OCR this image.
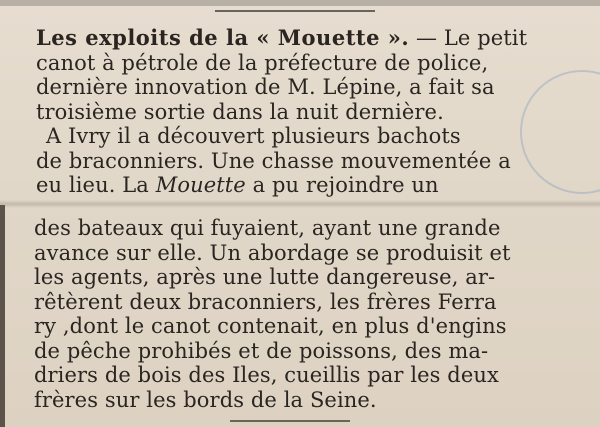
Les exploits de la « Mouette ». — Le petit
canot à pétrole de la préfecture de police,
dernière innovation de M. Lépine, a fait sa
troisième sortie dans la nuit dernière.
A Ivry il a découvert plusieurs bachots
de braconniers. Une chasse mouvementée a
eu lieu. La Mouette a pu rejoindre un
des bateaux qui fuyaient, ayant une grande
avance sur elle. Un abordage se produisit et
les agents, après une lutte dangereuse, ar-
rêtèrent deux braconniers, les frères Ferra
ry ,dont le canot contenait, en plus d'engins
de pêche prohibés et de poissons, des ma-
driers de bois des Iles, cueillis par les deux
frères sur les bords de la Seine.
